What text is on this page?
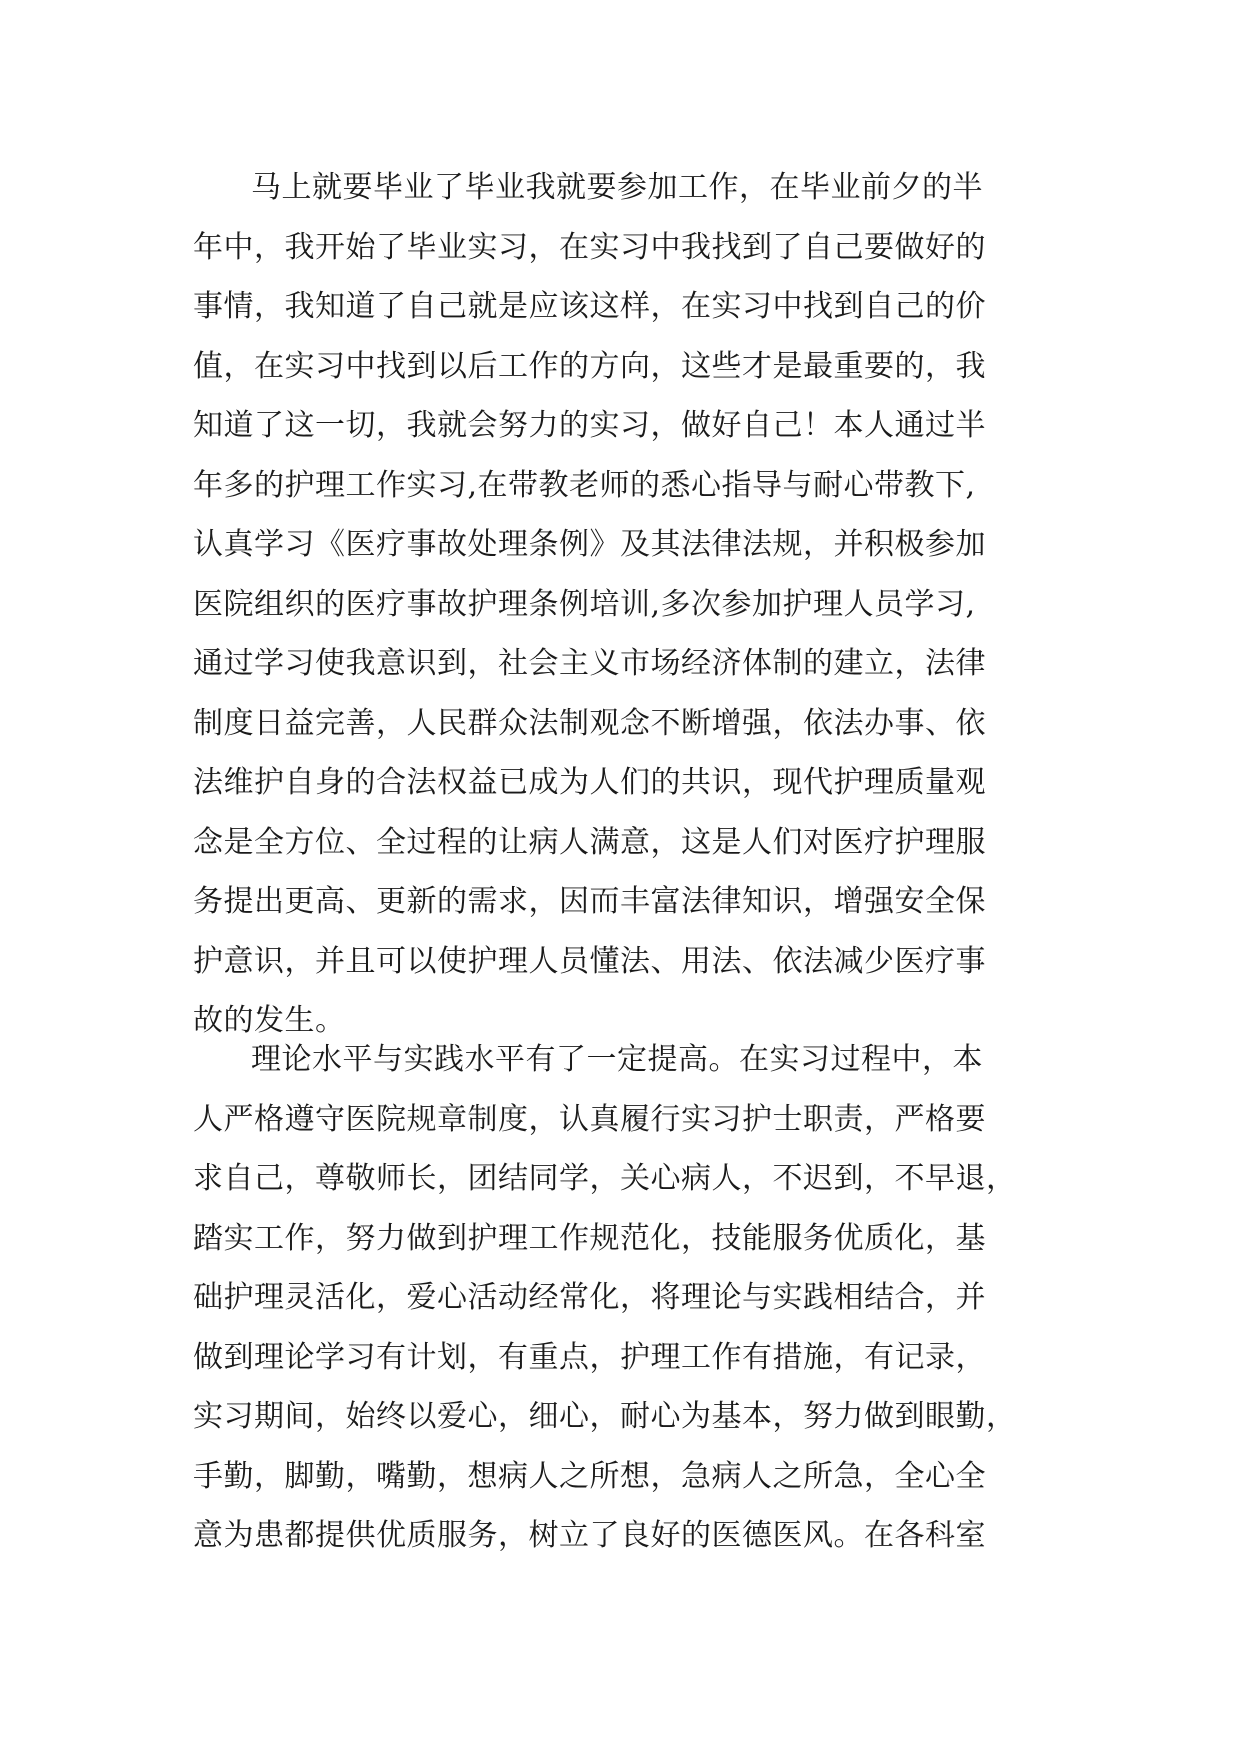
马上就要毕业了毕业我就要参加工作，在毕业前夕的半
年中，我开始了毕业实习，在实习中我找到了自己要做好的
事情，我知道了自己就是应该这样，在实习中找到自己的价
值，在实习中找到以后工作的方向，这些才是最重要的，我
知道了这一切，我就会努力的实习，做好自己！本人通过半
年多的护理工作实习,在带教老师的悉心指导与耐心带教下,
认真学习《医疗事故处理条例》及其法律法规，并积极参加
医院组织的医疗事故护理条例培训,多次参加护理人员学习,
通过学习使我意识到，社会主义市场经济体制的建立，法律
制度日益完善，人民群众法制观念不断增强，依法办事、依
法维护自身的合法权益已成为人们的共识，现代护理质量观
念是全方位、全过程的让病人满意，这是人们对医疗护理服
务提出更高、更新的需求，因而丰富法律知识，增强安全保
护意识，并且可以使护理人员懂法、用法、依法减少医疗事
故的发生。
理论水平与实践水平有了一定提高。在实习过程中，本
人严格遵守医院规章制度，认真履行实习护士职责，严格要
求自己，尊敬师长，团结同学，关心病人，不迟到，不早退，
踏实工作，努力做到护理工作规范化，技能服务优质化，基
础护理灵活化，爱心活动经常化，将理论与实践相结合，并
做到理论学习有计划，有重点，护理工作有措施，有记录，
实习期间，始终以爱心，细心，耐心为基本，努力做到眼勤，
手勤，脚勤，嘴勤，想病人之所想，急病人之所急，全心全
意为患都提供优质服务，树立了良好的医德医风。在各科室
